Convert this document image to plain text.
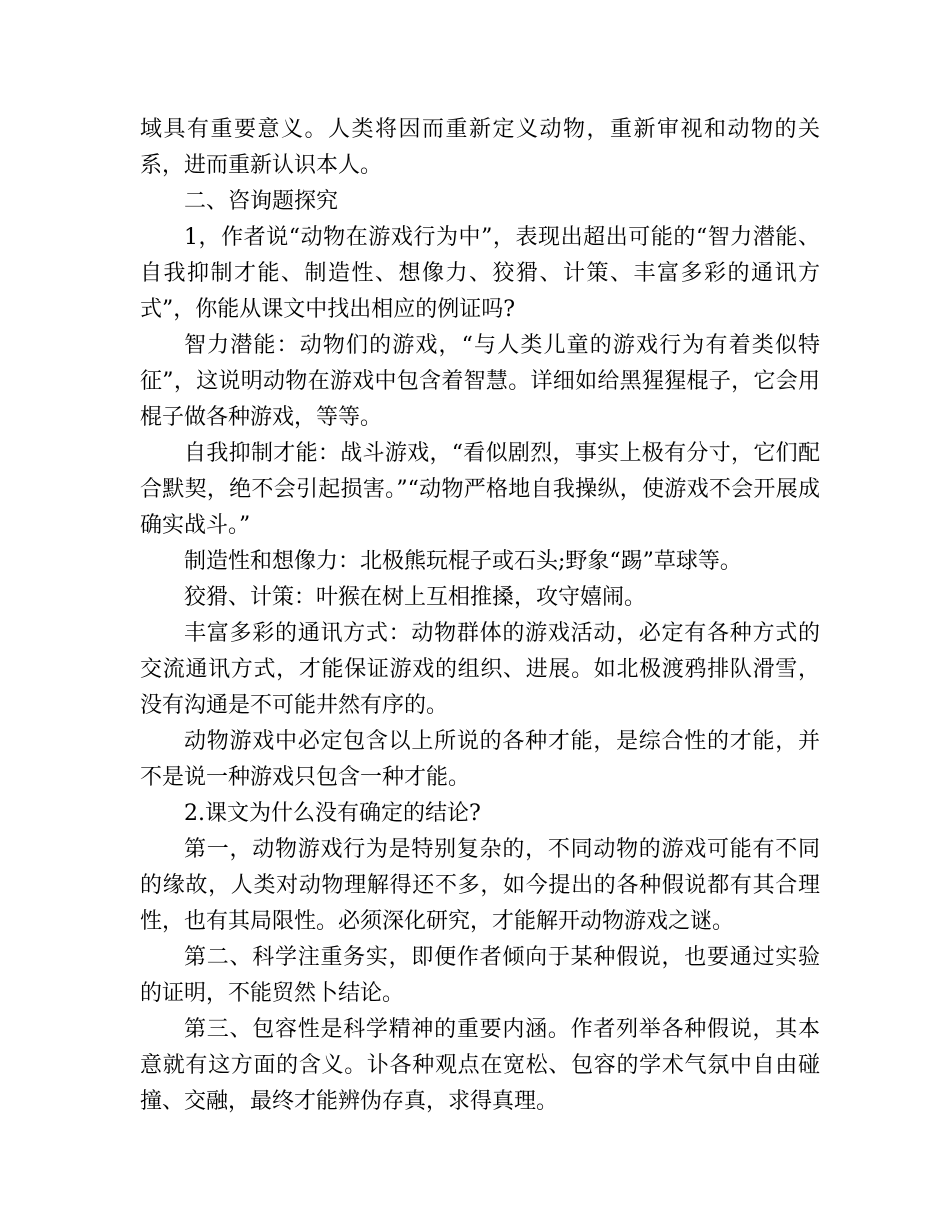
域具有重要意义。人类将因而重新定义动物，重新审视和动物的关系，进而重新认识本人。

二、咨询题探究

1，作者说“动物在游戏行为中”，表现出超出可能的“智力潜能、自我抑制才能、制造性、想像力、狡猾、计策、丰富多彩的通讯方式”，你能从课文中找出相应的例证吗?

智力潜能：动物们的游戏，“与人类儿童的游戏行为有着类似特征”，这说明动物在游戏中包含着智慧。详细如给黑猩猩棍子，它会用棍子做各种游戏，等等。

自我抑制才能：战斗游戏，“看似剧烈，事实上极有分寸，它们配合默契，绝不会引起损害。”“动物严格地自我操纵，使游戏不会开展成确实战斗。”

制造性和想像力：北极熊玩棍子或石头;野象“踢”草球等。

狡猾、计策：叶猴在树上互相推搡，攻守嬉闹。

丰富多彩的通讯方式：动物群体的游戏活动，必定有各种方式的交流通讯方式，才能保证游戏的组织、进展。如北极渡鸦排队滑雪，没有沟通是不可能井然有序的。

动物游戏中必定包含以上所说的各种才能，是综合性的才能，并不是说一种游戏只包含一种才能。

2.课文为什么没有确定的结论?

第一，动物游戏行为是特别复杂的，不同动物的游戏可能有不同的缘故，人类对动物理解得还不多，如今提出的各种假说都有其合理性，也有其局限性。必须深化研究，才能解开动物游戏之谜。

第二、科学注重务实，即便作者倾向于某种假说，也要通过实验的证明，不能贸然卜结论。

第三、包容性是科学精神的重要内涵。作者列举各种假说，其本意就有这方面的含义。讣各种观点在宽松、包容的学术气氛中自由碰撞、交融，最终才能辨伪存真，求得真理。
